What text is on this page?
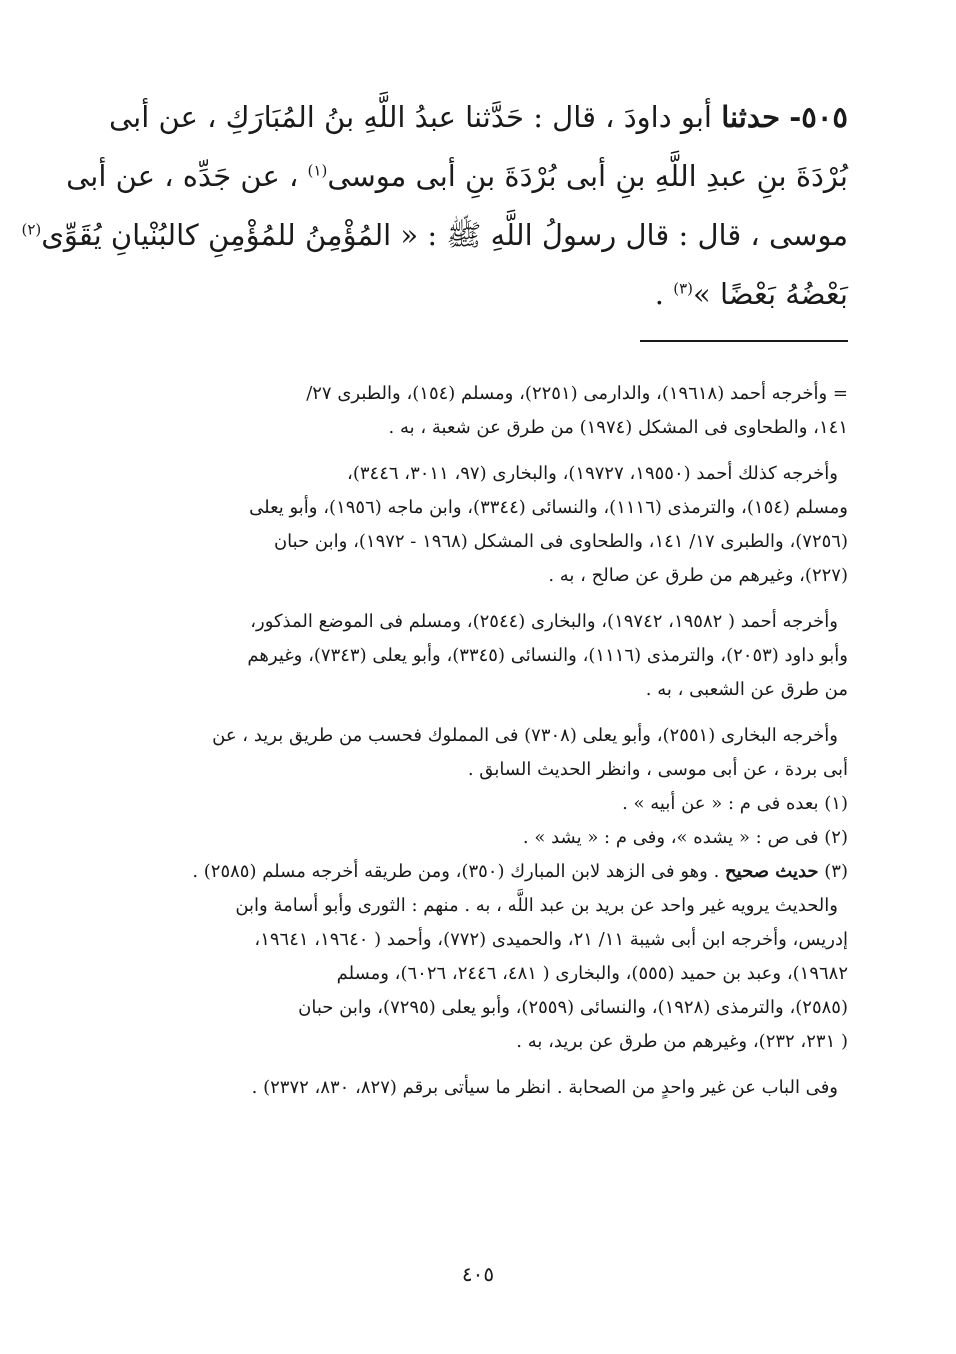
٥٠٥- حدثنا أبو داودَ ، قال : حَدَّثنا عبدُ اللَّهِ بنُ المُبَارَكِ ، عن أبى
بُرْدَةَ بنِ عبدِ اللَّهِ بنِ أبى بُرْدَةَ بنِ أبى موسى$^{(١)}$ ، عن جَدِّه ، عن أبى
موسى ، قال : قال رسولُ اللَّهِ ﷺ : « المُؤْمِنُ للمُؤْمِنِ كالبُنْيانِ يُقَوِّى$^{(٢)}$
بَعْضُهُ بَعْضًا »$^{(٣)}$ .
= وأخرجه أحمد (١٩٦١٨)، والدارمى (٢٢٥١)، ومسلم (١٥٤)، والطبرى ٢٧/
١٤١، والطحاوى فى المشكل (١٩٧٤) من طرق عن شعبة ، به .
وأخرجه كذلك أحمد (١٩٥٥٠، ١٩٧٢٧)، والبخارى (٩٧، ٣٠١١، ٣٤٤٦)،
ومسلم (١٥٤)، والترمذى (١١١٦)، والنسائى (٣٣٤٤)، وابن ماجه (١٩٥٦)، وأبو يعلى
(٧٢٥٦)، والطبرى ١٧/ ١٤١، والطحاوى فى المشكل (١٩٦٨ - ١٩٧٢)، وابن حبان
(٢٢٧)، وغيرهم من طرق عن صالح ، به .
وأخرجه أحمد ( ١٩٥٨٢، ١٩٧٤٢)، والبخارى (٢٥٤٤)، ومسلم فى الموضع المذكور،
وأبو داود (٢٠٥٣)، والترمذى (١١١٦)، والنسائى (٣٣٤٥)، وأبو يعلى (٧٣٤٣)، وغيرهم
من طرق عن الشعبى ، به .
وأخرجه البخارى (٢٥٥١)، وأبو يعلى (٧٣٠٨) فى المملوك فحسب من طريق بريد ، عن
أبى بردة ، عن أبى موسى ، وانظر الحديث السابق .
(١) بعده فى م : « عن أبيه » .
(٢) فى ص : « يشده »، وفى م : « يشد » .
(٣) حديث صحيح . وهو فى الزهد لابن المبارك (٣٥٠)، ومن طريقه أخرجه مسلم (٢٥٨٥) .
والحديث يرويه غير واحد عن بريد بن عبد اللَّه ، به . منهم : الثورى وأبو أسامة وابن
إدريس، وأخرجه ابن أبى شيبة ١١/ ٢١، والحميدى (٧٧٢)، وأحمد ( ١٩٦٤٠، ١٩٦٤١،
١٩٦٨٢)، وعبد بن حميد (٥٥٥)، والبخارى ( ٤٨١، ٢٤٤٦، ٦٠٢٦)، ومسلم
(٢٥٨٥)، والترمذى (١٩٢٨)، والنسائى (٢٥٥٩)، وأبو يعلى (٧٢٩٥)، وابن حبان
( ٢٣١، ٢٣٢)، وغيرهم من طرق عن بريد، به .
وفى الباب عن غير واحدٍ من الصحابة . انظر ما سيأتى برقم (٨٢٧، ٨٣٠، ٢٣٧٢) .
٤٠٥
